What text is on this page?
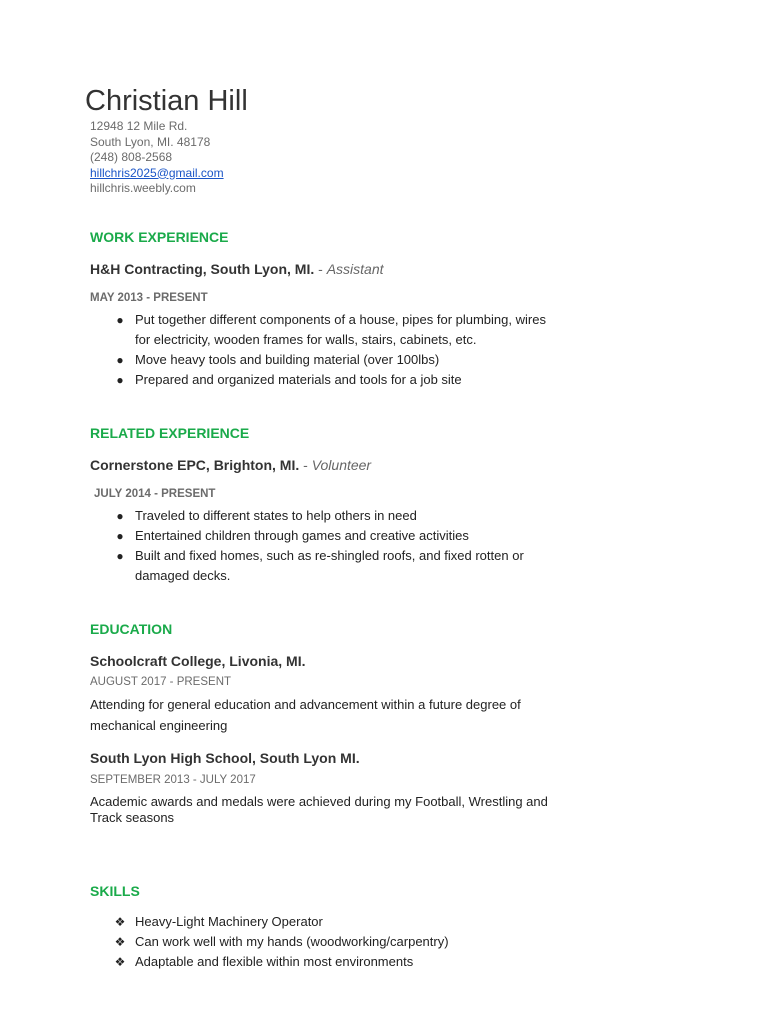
Christian Hill
12948 12 Mile Rd.
South Lyon, MI. 48178
(248) 808-2568
hillchris2025@gmail.com
hillchris.weebly.com
WORK EXPERIENCE
H&H Contracting, South Lyon, MI. - Assistant
MAY 2013 - PRESENT
● Put together different components of a house, pipes for plumbing, wires for electricity, wooden frames for walls, stairs, cabinets, etc.
● Move heavy tools and building material (over 100lbs)
● Prepared and organized materials and tools for a job site
RELATED EXPERIENCE
Cornerstone EPC, Brighton, MI. - Volunteer
JULY 2014 - PRESENT
● Traveled to different states to help others in need
● Entertained children through games and creative activities
● Built and fixed homes, such as re-shingled roofs, and fixed rotten or damaged decks.
EDUCATION
Schoolcraft College, Livonia, MI.
AUGUST 2017 - PRESENT
Attending for general education and advancement within a future degree of mechanical engineering
South Lyon High School, South Lyon MI.
SEPTEMBER 2013 - JULY 2017
Academic awards and medals were achieved during my Football, Wrestling and Track seasons
SKILLS
❖ Heavy-Light Machinery Operator
❖ Can work well with my hands (woodworking/carpentry)
❖ Adaptable and flexible within most environments
